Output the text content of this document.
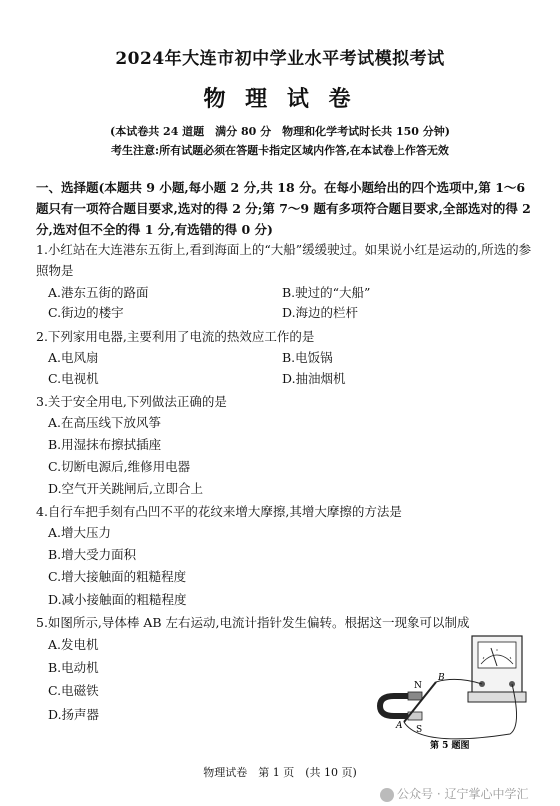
2024年大连市初中学业水平考试模拟考试
物 理 试 卷
(本试卷共 24 道题　满分 80 分　物理和化学考试时长共 150 分钟)
考生注意:所有试题必须在答题卡指定区域内作答,在本试卷上作答无效
一、选择题(本题共 9 小题,每小题 2 分,共 18 分。在每小题给出的四个选项中,第 1～6 题只有一项符合题目要求,选对的得 2 分;第 7～9 题有多项符合题目要求,全部选对的得 2 分,选对但不全的得 1 分,有选错的得 0 分)
1.小红站在大连港东五街上,看到海面上的“大船”缓缓驶过。如果说小红是运动的,所选的参照物是
A.港东五街的路面	B.驶过的“大船”
C.街边的楼宇	D.海边的栏杆
2.下列家用电器,主要利用了电流的热效应工作的是
A.电风扇	B.电饭锅
C.电视机	D.抽油烟机
3.关于安全用电,下列做法正确的是
A.在高压线下放风筝
B.用湿抹布擦拭插座
C.切断电源后,维修用电器
D.空气开关跳闸后,立即合上
4.自行车把手刻有凸凹不平的花纹来增大摩擦,其增大摩擦的方法是
A.增大压力
B.增大受力面积
C.增大接触面的粗糙程度
D.减小接触面的粗糙程度
5.如图所示,导体棒 AB 左右运动,电流计指针发生偏转。根据这一现象可以制成
A.发电机
B.电动机
C.电磁铁
D.扬声器
N
S
A
B
第 5 题图
物理试卷　第 1 页　(共 10 页)
公众号 · 辽宁掌心中学汇
